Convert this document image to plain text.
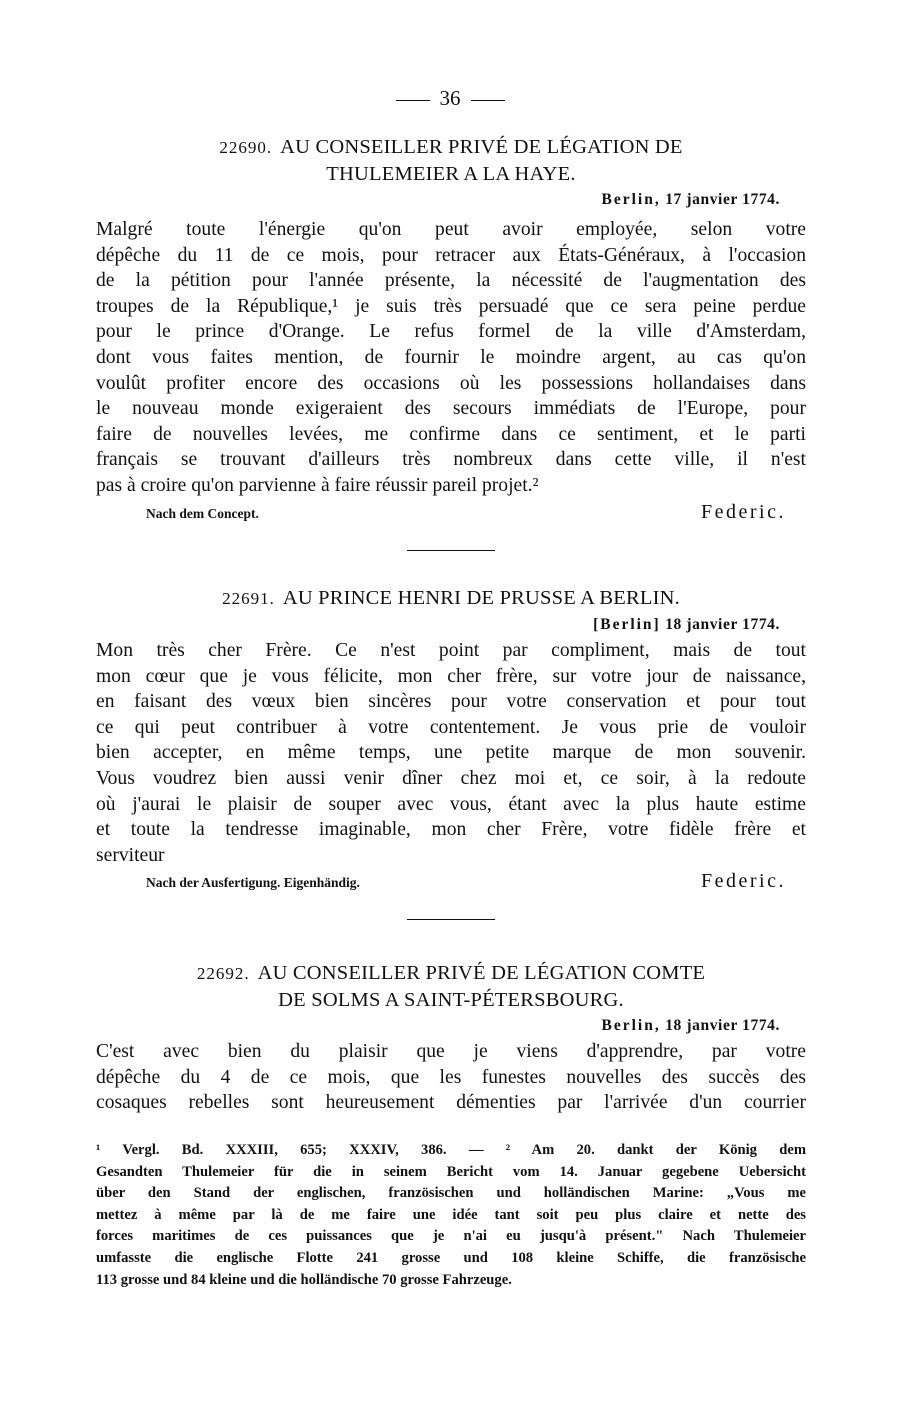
36
22690. AU CONSEILLER PRIVÉ DE LÉGATION DE
THULEMEIER A LA HAYE.
Berlin, 17 janvier 1774.
Malgré toute l'énergie qu'on peut avoir employée, selon votre
dépêche du 11 de ce mois, pour retracer aux États-Généraux, à l'occasion
de la pétition pour l'année présente, la nécessité de l'augmentation des
troupes de la République,¹ je suis très persuadé que ce sera peine perdue
pour le prince d'Orange. Le refus formel de la ville d'Amsterdam,
dont vous faites mention, de fournir le moindre argent, au cas qu'on
voulût profiter encore des occasions où les possessions hollandaises dans
le nouveau monde exigeraient des secours immédiats de l'Europe, pour
faire de nouvelles levées, me confirme dans ce sentiment, et le parti
français se trouvant d'ailleurs très nombreux dans cette ville, il n'est
pas à croire qu'on parvienne à faire réussir pareil projet.²
Nach dem Concept.	Federic.
22691. AU PRINCE HENRI DE PRUSSE A BERLIN.
[Berlin] 18 janvier 1774.
Mon très cher Frère. Ce n'est point par compliment, mais de tout
mon cœur que je vous félicite, mon cher frère, sur votre jour de naissance,
en faisant des vœux bien sincères pour votre conservation et pour tout
ce qui peut contribuer à votre contentement. Je vous prie de vouloir
bien accepter, en même temps, une petite marque de mon souvenir.
Vous voudrez bien aussi venir dîner chez moi et, ce soir, à la redoute
où j'aurai le plaisir de souper avec vous, étant avec la plus haute estime
et toute la tendresse imaginable, mon cher Frère, votre fidèle frère et
serviteur
Nach der Ausfertigung. Eigenhändig.	Federic.
22692. AU CONSEILLER PRIVÉ DE LÉGATION COMTE
DE SOLMS A SAINT-PÉTERSBOURG.
Berlin, 18 janvier 1774.
C'est avec bien du plaisir que je viens d'apprendre, par votre
dépêche du 4 de ce mois, que les funestes nouvelles des succès des
cosaques rebelles sont heureusement démenties par l'arrivée d'un courrier
¹ Vergl. Bd. XXXIII, 655; XXXIV, 386. — ² Am 20. dankt der König dem
Gesandten Thulemeier für die in seinem Bericht vom 14. Januar gegebene Uebersicht
über den Stand der englischen, französischen und holländischen Marine: „Vous me
mettez à même par là de me faire une idée tant soit peu plus claire et nette des
forces maritimes de ces puissances que je n'ai eu jusqu'à présent." Nach Thulemeier
umfasste die englische Flotte 241 grosse und 108 kleine Schiffe, die französische
113 grosse und 84 kleine und die holländische 70 grosse Fahrzeuge.
